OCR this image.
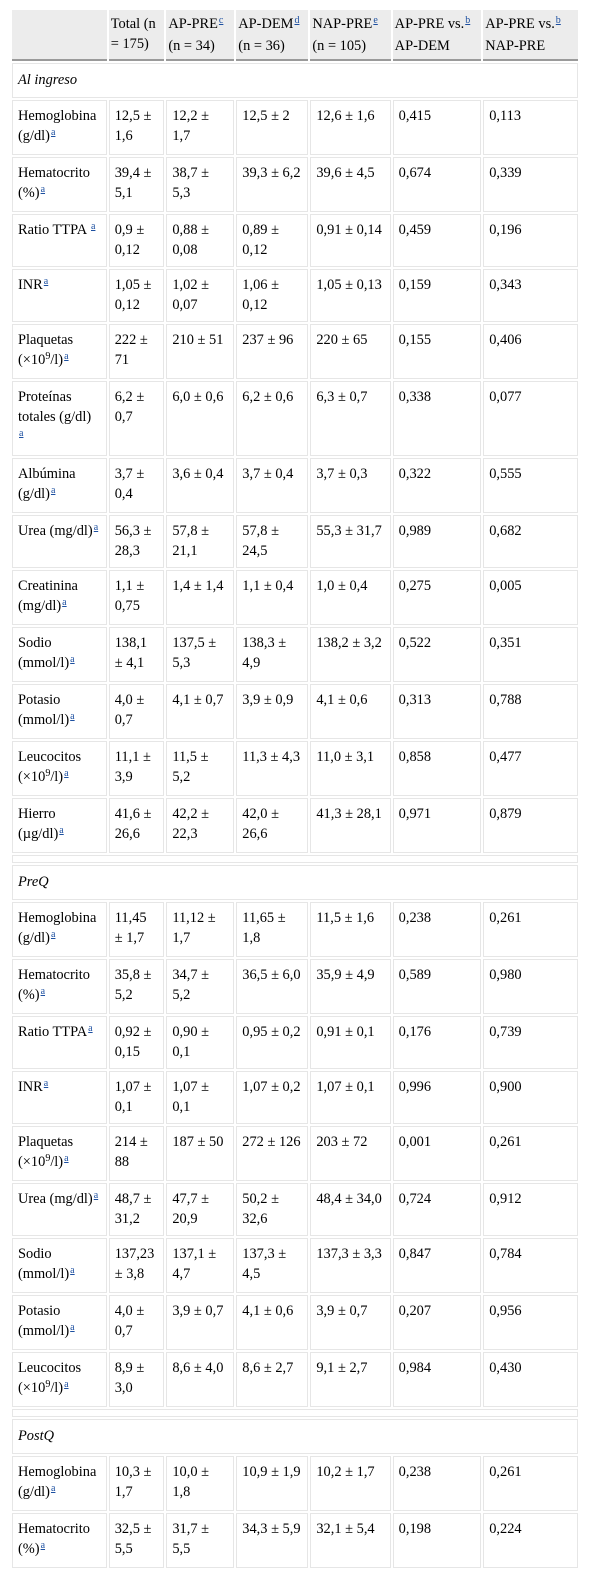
	Total (n = 175)	AP-PRE$^c$ (n = 34)	AP-DEM$^d$ (n = 36)	NAP-PRE$^e$ (n = 105)	AP-PRE vs.$^b$ AP-DEM	AP-PRE vs.$^b$ NAP-PRE
Al ingreso						
Hemoglobina (g/dl)$^a$	12,5 ± 1,6	12,2 ± 1,7	12,5 ± 2	12,6 ± 1,6	0,415	0,113
Hematocrito (%)$^a$	39,4 ± 5,1	38,7 ± 5,3	39,3 ± 6,2	39,6 ± 4,5	0,674	0,339
Ratio TTPA $^a$	0,9 ± 0,12	0,88 ± 0,08	0,89 ± 0,12	0,91 ± 0,14	0,459	0,196
INR$^a$	1,05 ± 0,12	1,02 ± 0,07	1,06 ± 0,12	1,05 ± 0,13	0,159	0,343
Plaquetas $(\times 10^9/l)^a$	222 ± 71	210 ± 51	237 ± 96	220 ± 65	0,155	0,406
Proteínas totales (g/dl) $^a$	6,2 ± 0,7	6,0 ± 0,6	6,2 ± 0,6	6,3 ± 0,7	0,338	0,077
Albúmina (g/dl)$^a$	3,7 ± 0,4	3,6 ± 0,4	3,7 ± 0,4	3,7 ± 0,3	0,322	0,555
Urea (mg/dl)$^a$	56,3 ± 28,3	57,8 ± 21,1	57,8 ± 24,5	55,3 ± 31,7	0,989	0,682
Creatinina (mg/dl)$^a$	1,1 ± 0,75	1,4 ± 1,4	1,1 ± 0,4	1,0 ± 0,4	0,275	0,005
Sodio (mmol/l)$^a$	138,1 ± 4,1	137,5 ± 5,3	138,3 ± 4,9	138,2 ± 3,2	0,522	0,351
Potasio (mmol/l)$^a$	4,0 ± 0,7	4,1 ± 0,7	3,9 ± 0,9	4,1 ± 0,6	0,313	0,788
Leucocitos $(\times 10^9/l)^a$	11,1 ± 3,9	11,5 ± 5,2	11,3 ± 4,3	11,0 ± 3,1	0,858	0,477
Hierro (µg/dl)$^a$	41,6 ± 26,6	42,2 ± 22,3	42,0 ± 26,6	41,3 ± 28,1	0,971	0,879

PreQ						
Hemoglobina (g/dl)$^a$	11,45 ± 1,7	11,12 ± 1,7	11,65 ± 1,8	11,5 ± 1,6	0,238	0,261
Hematocrito (%)$^a$	35,8 ± 5,2	34,7 ± 5,2	36,5 ± 6,0	35,9 ± 4,9	0,589	0,980
Ratio TTPA$^a$	0,92 ± 0,15	0,90 ± 0,1	0,95 ± 0,2	0,91 ± 0,1	0,176	0,739
INR$^a$	1,07 ± 0,1	1,07 ± 0,1	1,07 ± 0,2	1,07 ± 0,1	0,996	0,900
Plaquetas $(\times 10^9/l)^a$	214 ± 88	187 ± 50	272 ± 126	203 ± 72	0,001	0,261
Urea (mg/dl)$^a$	48,7 ± 31,2	47,7 ± 20,9	50,2 ± 32,6	48,4 ± 34,0	0,724	0,912
Sodio (mmol/l)$^a$	137,23 ± 3,8	137,1 ± 4,7	137,3 ± 4,5	137,3 ± 3,3	0,847	0,784
Potasio (mmol/l)$^a$	4,0 ± 0,7	3,9 ± 0,7	4,1 ± 0,6	3,9 ± 0,7	0,207	0,956
Leucocitos $(\times 10^9/l)^a$	8,9 ± 3,0	8,6 ± 4,0	8,6 ± 2,7	9,1 ± 2,7	0,984	0,430

PostQ						
Hemoglobina (g/dl)$^a$	10,3 ± 1,7	10,0 ± 1,8	10,9 ± 1,9	10,2 ± 1,7	0,238	0,261
Hematocrito (%)$^a$	32,5 ± 5,5	31,7 ± 5,5	34,3 ± 5,9	32,1 ± 5,4	0,198	0,224
